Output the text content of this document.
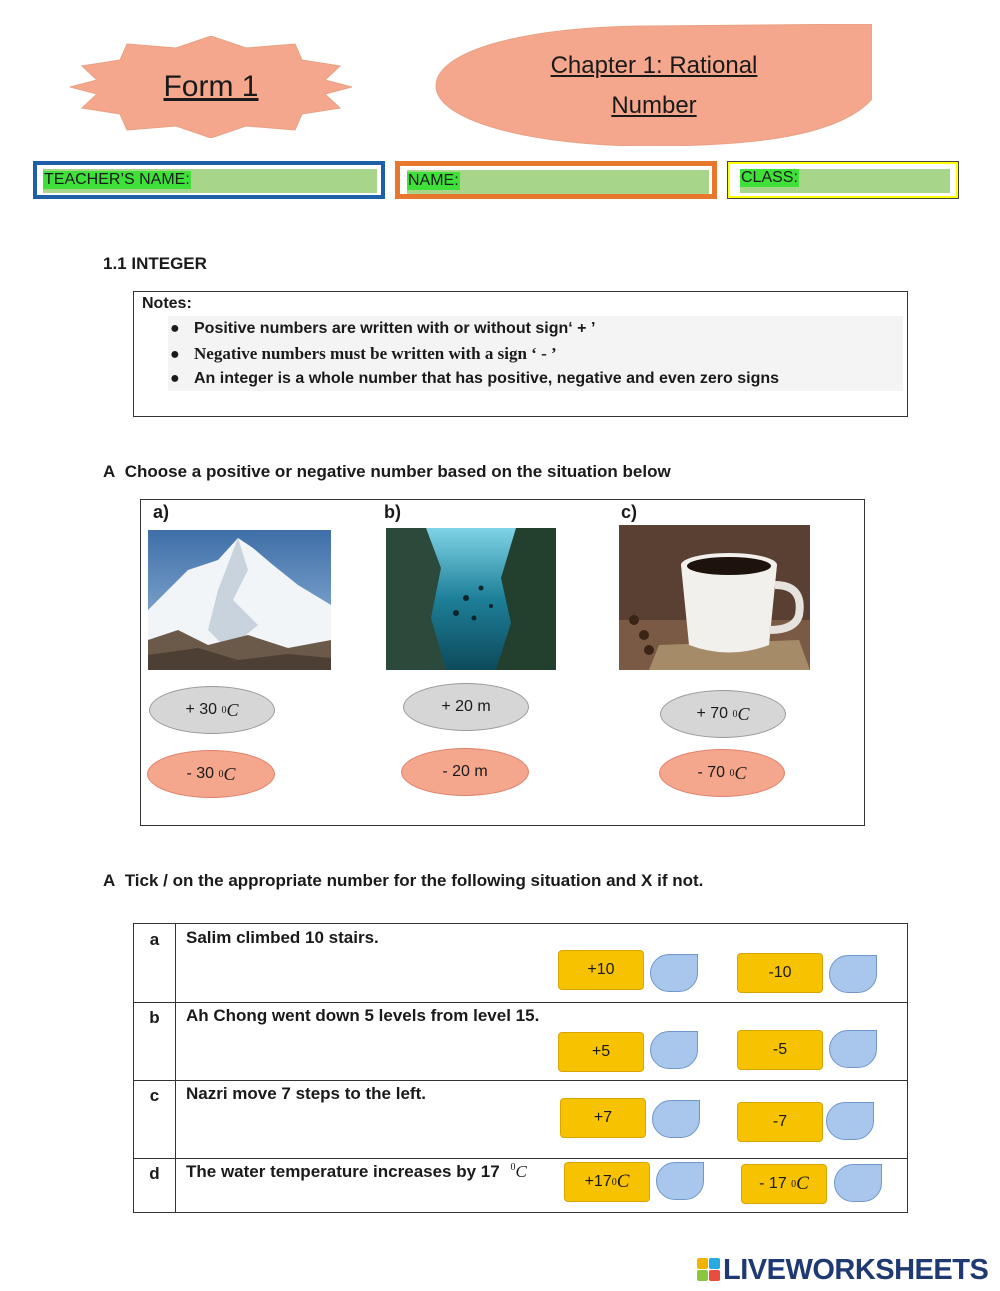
Form 1
Chapter 1: Rational
Number
TEACHER’S NAME:	NAME:	CLASS:
1.1 INTEGER
Notes:
● Positive numbers are written with or without sign‘ + ’
● Negative numbers must be written with a sign ‘ - ’
● An integer is a whole number that has positive, negative and even zero signs
A Choose a positive or negative number based on the situation below
a)	b)	c)
+ 30
0 C
- 30
0 C
+ 20 m
- 20 m
+ 70
0 C
- 70
0 C
A Tick / on the appropriate number for the following situation and X if not.
a	Salim climbed 10 stairs.
+10	-10
b	Ah Chong went down 5 levels from level 15.
+5	-5
c	Nazri move 7 steps to the left.
+7	-7
d	The water temperature increases by 17 $^0$C
+17 0 C	- 17
0 C
LIVEWORKSHEETS
